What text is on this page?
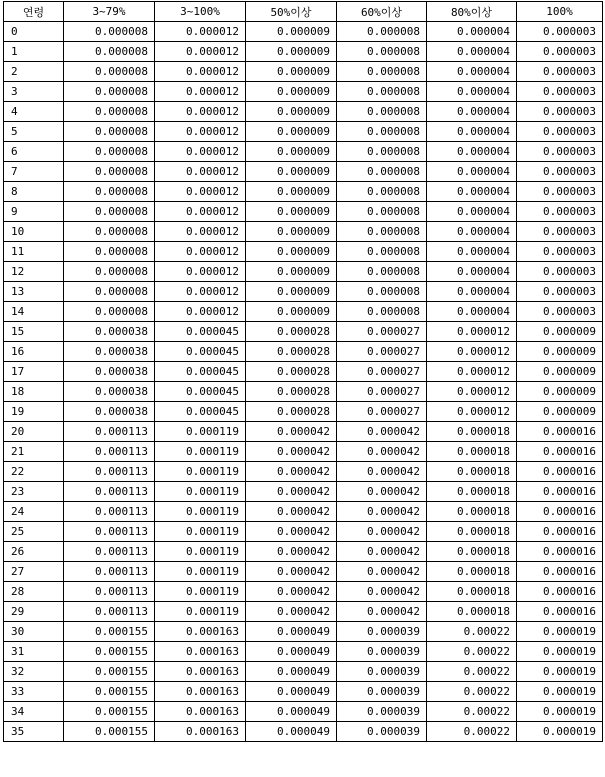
연령	3~79%	3~100%	50%이상	60%이상	80%이상	100%
0	0.000008	0.000012	0.000009	0.000008	0.000004	0.000003
1	0.000008	0.000012	0.000009	0.000008	0.000004	0.000003
2	0.000008	0.000012	0.000009	0.000008	0.000004	0.000003
3	0.000008	0.000012	0.000009	0.000008	0.000004	0.000003
4	0.000008	0.000012	0.000009	0.000008	0.000004	0.000003
5	0.000008	0.000012	0.000009	0.000008	0.000004	0.000003
6	0.000008	0.000012	0.000009	0.000008	0.000004	0.000003
7	0.000008	0.000012	0.000009	0.000008	0.000004	0.000003
8	0.000008	0.000012	0.000009	0.000008	0.000004	0.000003
9	0.000008	0.000012	0.000009	0.000008	0.000004	0.000003
10	0.000008	0.000012	0.000009	0.000008	0.000004	0.000003
11	0.000008	0.000012	0.000009	0.000008	0.000004	0.000003
12	0.000008	0.000012	0.000009	0.000008	0.000004	0.000003
13	0.000008	0.000012	0.000009	0.000008	0.000004	0.000003
14	0.000008	0.000012	0.000009	0.000008	0.000004	0.000003
15	0.000038	0.000045	0.000028	0.000027	0.000012	0.000009
16	0.000038	0.000045	0.000028	0.000027	0.000012	0.000009
17	0.000038	0.000045	0.000028	0.000027	0.000012	0.000009
18	0.000038	0.000045	0.000028	0.000027	0.000012	0.000009
19	0.000038	0.000045	0.000028	0.000027	0.000012	0.000009
20	0.000113	0.000119	0.000042	0.000042	0.000018	0.000016
21	0.000113	0.000119	0.000042	0.000042	0.000018	0.000016
22	0.000113	0.000119	0.000042	0.000042	0.000018	0.000016
23	0.000113	0.000119	0.000042	0.000042	0.000018	0.000016
24	0.000113	0.000119	0.000042	0.000042	0.000018	0.000016
25	0.000113	0.000119	0.000042	0.000042	0.000018	0.000016
26	0.000113	0.000119	0.000042	0.000042	0.000018	0.000016
27	0.000113	0.000119	0.000042	0.000042	0.000018	0.000016
28	0.000113	0.000119	0.000042	0.000042	0.000018	0.000016
29	0.000113	0.000119	0.000042	0.000042	0.000018	0.000016
30	0.000155	0.000163	0.000049	0.000039	0.00022	0.000019
31	0.000155	0.000163	0.000049	0.000039	0.00022	0.000019
32	0.000155	0.000163	0.000049	0.000039	0.00022	0.000019
33	0.000155	0.000163	0.000049	0.000039	0.00022	0.000019
34	0.000155	0.000163	0.000049	0.000039	0.00022	0.000019
35	0.000155	0.000163	0.000049	0.000039	0.00022	0.000019
